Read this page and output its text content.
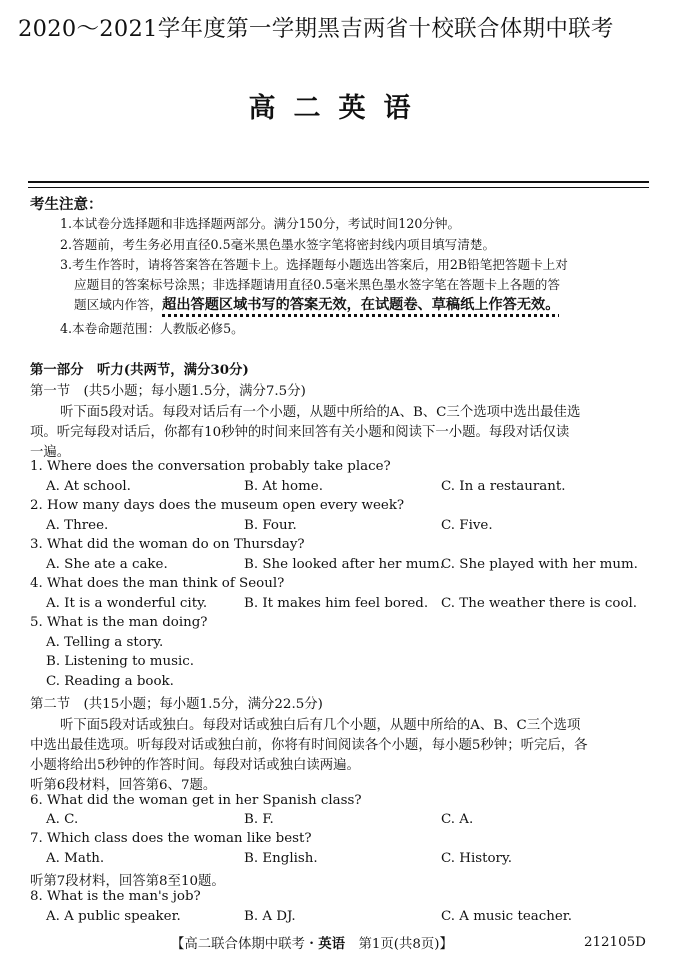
2020～2021学年度第一学期黑吉两省十校联合体期中联考
高二英语
考生注意：
1.本试卷分选择题和非选择题两部分。满分150分，考试时间120分钟。
2.答题前，考生务必用直径0.5毫米黑色墨水签字笔将密封线内项目填写清楚。
3.考生作答时，请将答案答在答题卡上。选择题每小题选出答案后，用2B铅笔把答题卡上对
应题目的答案标号涂黑；非选择题请用直径0.5毫米黑色墨水签字笔在答题卡上各题的答
题区域内作答，超出答题区域书写的答案无效，在试题卷、草稿纸上作答无效。
4.本卷命题范围：人教版必修5。
第一部分　听力(共两节，满分30分)
第一节　(共5小题；每小题1.5分，满分7.5分)
听下面5段对话。每段对话后有一个小题，从题中所给的A、B、C三个选项中选出最佳选
项。听完每段对话后，你都有10秒钟的时间来回答有关小题和阅读下一小题。每段对话仅读
一遍。
1. Where does the conversation probably take place?
A. At school.	B. At home.	C. In a restaurant.
2. How many days does the museum open every week?
A. Three.	B. Four.	C. Five.
3. What did the woman do on Thursday?
A. She ate a cake.	B. She looked after her mum.
C. She played with her mum.
4. What does the man think of Seoul?
A. It is a wonderful city.	B. It makes him feel bored. C. The weather there is cool.
5. What is the man doing?
A. Telling a story.
B. Listening to music.
C. Reading a book.
第二节　(共15小题；每小题1.5分，满分22.5分)
听下面5段对话或独白。每段对话或独白后有几个小题，从题中所给的A、B、C三个选项
中选出最佳选项。听每段对话或独白前，你将有时间阅读各个小题，每小题5秒钟；听完后，各
小题将给出5秒钟的作答时间。每段对话或独白读两遍。
听第6段材料，回答第6、7题。
6. What did the woman get in her Spanish class?
A. C.	B. F.	C. A.
7. Which class does the woman like best?
A. Math.	B. English.	C. History.
听第7段材料，回答第8至10题。
8. What is the man's job?
A. A public speaker.	B. A DJ.	C. A music teacher.
【高二联合体期中联考・英语　第1页(共8页)】	212105D
